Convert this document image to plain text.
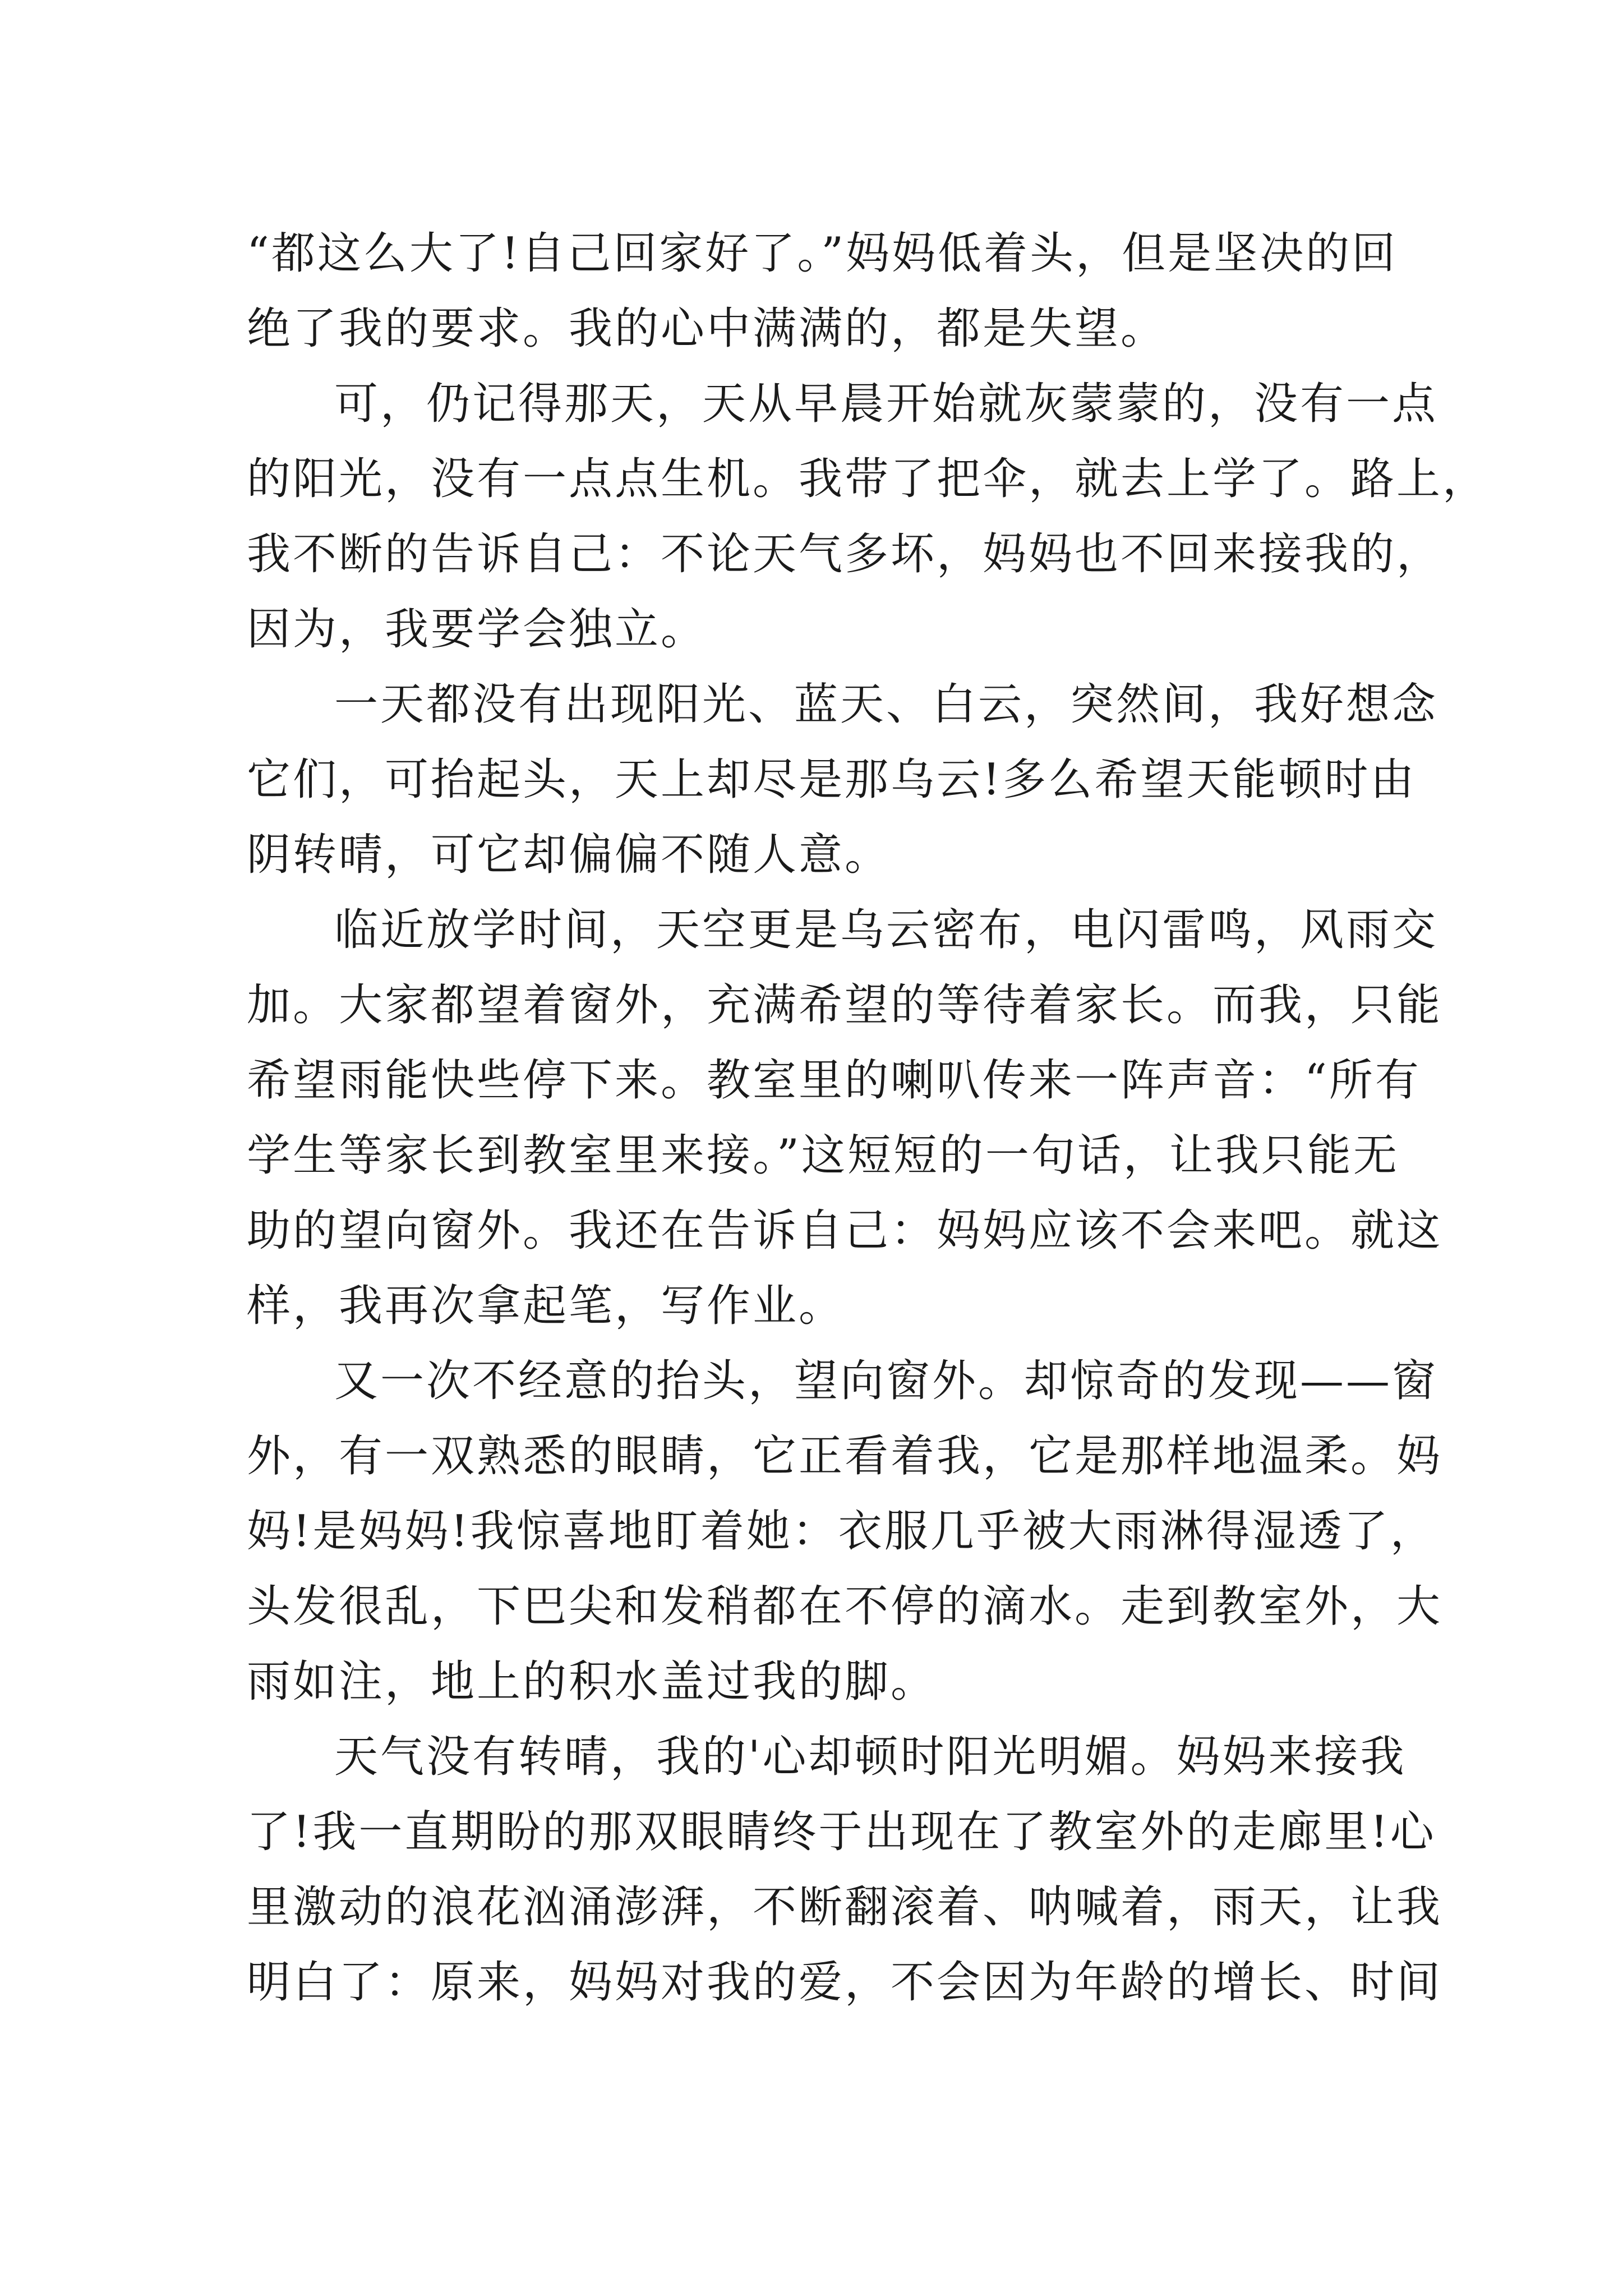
“都这么大了!自己回家好了。”妈妈低着头，但是坚决的回
绝了我的要求。我的心中满满的，都是失望。
可，仍记得那天，天从早晨开始就灰蒙蒙的，没有一点
的阳光，没有一点点生机。我带了把伞，就去上学了。路上，
我不断的告诉自己：不论天气多坏，妈妈也不回来接我的，
因为，我要学会独立。
一天都没有出现阳光、蓝天、白云，突然间，我好想念
它们，可抬起头，天上却尽是那乌云!多么希望天能顿时由
阴转晴，可它却偏偏不随人意。
临近放学时间，天空更是乌云密布，电闪雷鸣，风雨交
加。大家都望着窗外，充满希望的等待着家长。而我，只能
希望雨能快些停下来。教室里的喇叭传来一阵声音：“所有
学生等家长到教室里来接。”这短短的一句话，让我只能无
助的望向窗外。我还在告诉自己：妈妈应该不会来吧。就这
样，我再次拿起笔，写作业。
又一次不经意的抬头，望向窗外。却惊奇的发现——窗
外，有一双熟悉的眼睛，它正看着我，它是那样地温柔。妈
妈!是妈妈!我惊喜地盯着她：衣服几乎被大雨淋得湿透了，
头发很乱，下巴尖和发稍都在不停的滴水。走到教室外，大
雨如注，地上的积水盖过我的脚。
天气没有转晴，我的'心却顿时阳光明媚。妈妈来接我
了!我一直期盼的那双眼睛终于出现在了教室外的走廊里!心
里激动的浪花汹涌澎湃，不断翻滚着、呐喊着，雨天，让我
明白了：原来，妈妈对我的爱，不会因为年龄的增长、时间
